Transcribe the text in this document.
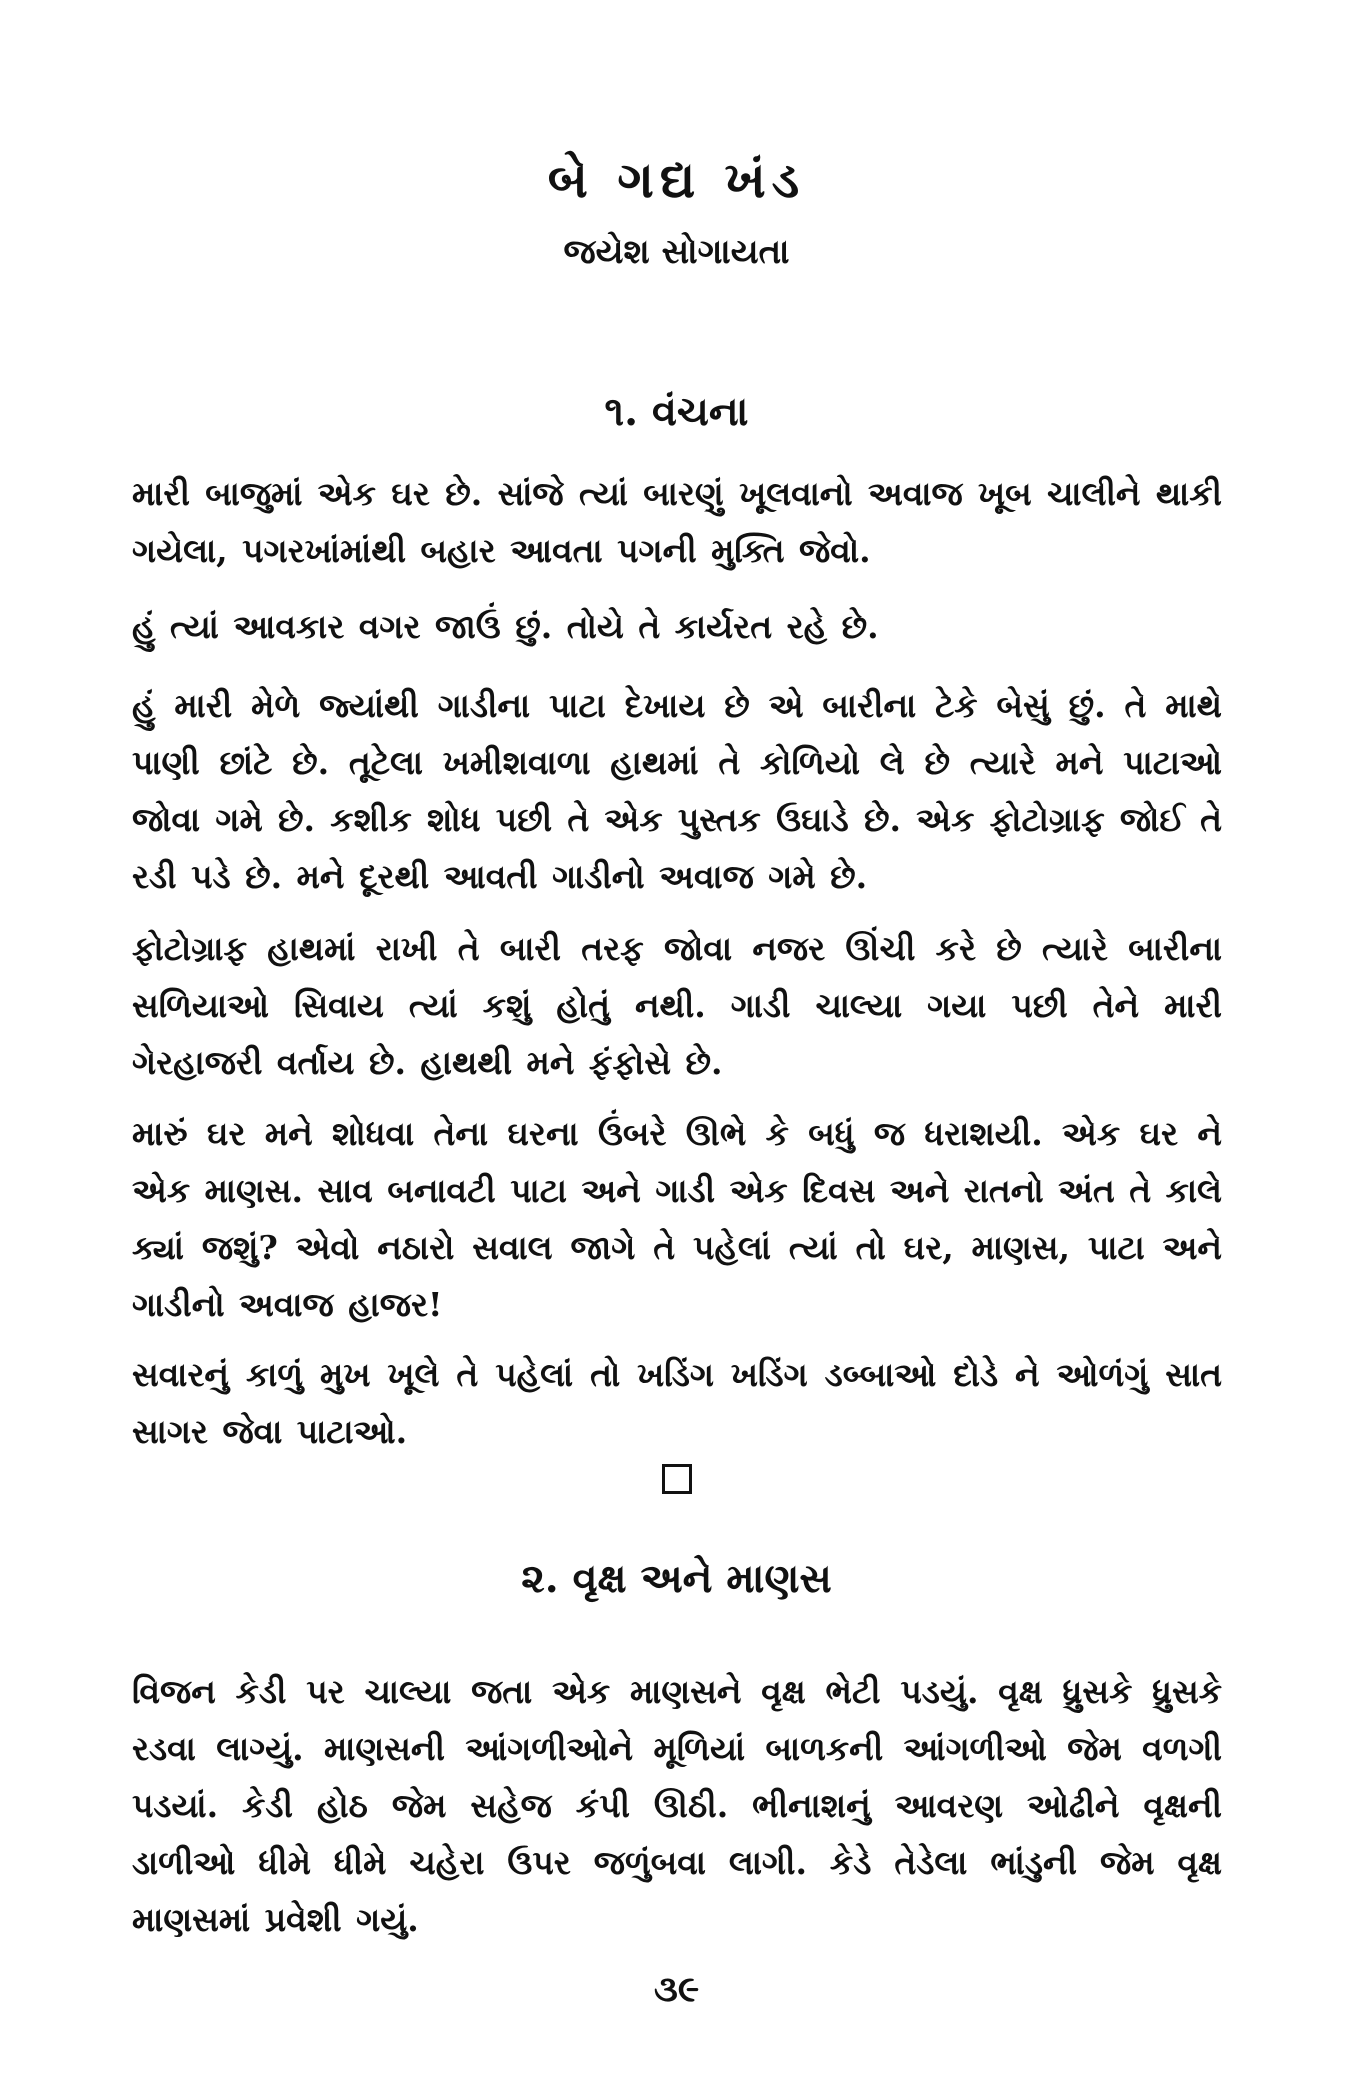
બે ગદ્ય ખંડ
જયેશ સોગાયતા
૧. વંચના
મારી બાજુમાં એક ઘર છે. સાંજે ત્યાં બારણું ખૂલવાનો અવાજ ખૂબ ચાલીને થાકી ગયેલા, પગરખાંમાંથી બહાર આવતા પગની મુક્તિ જેવો.
હું ત્યાં આવકાર વગર જાઉં છું. તોયે તે કાર્યરત રહે છે.
હું મારી મેળે જ્યાંથી ગાડીના પાટા દેખાય છે એ બારીના ટેકે બેસું છું. તે માથે પાણી છાંટે છે. તૂટેલા ખમીશવાળા હાથમાં તે કોળિયો લે છે ત્યારે મને પાટાઓ જોવા ગમે છે. કશીક શોધ પછી તે એક પુસ્તક ઉઘાડે છે. એક ફોટોગ્રાફ જોઈ તે રડી પડે છે. મને દૂરથી આવતી ગાડીનો અવાજ ગમે છે.
ફોટોગ્રાફ હાથમાં રાખી તે બારી તરફ જોવા નજર ઊંચી કરે છે ત્યારે બારીના સળિયાઓ સિવાય ત્યાં કશું હોતું નથી. ગાડી ચાલ્યા ગયા પછી તેને મારી ગેરહાજરી વર્તાય છે. હાથથી મને ફંફોસે છે.
મારું ઘર મને શોધવા તેના ઘરના ઉંબરે ઊભે કે બધું જ ધરાશયી. એક ઘર ને એક માણસ. સાવ બનાવટી પાટા અને ગાડી એક દિવસ અને રાતનો અંત તે કાલે ક્યાં જશું? એવો નઠારો સવાલ જાગે તે પહેલાં ત્યાં તો ઘર, માણસ, પાટા અને ગાડીનો અવાજ હાજર!
સવારનું કાળું મુખ ખૂલે તે પહેલાં તો ખડિંગ ખડિંગ ડબ્બાઓ દોડે ને ઓળંગું સાત સાગર જેવા પાટાઓ.
૨. વૃક્ષ અને માણસ
વિજન કેડી પર ચાલ્યા જતા એક માણસને વૃક્ષ ભેટી પડયું. વૃક્ષ ધ્રુસકે ધ્રુસકે રડવા લાગ્યું. માણસની આંગળીઓને મૂળિયાં બાળકની આંગળીઓ જેમ વળગી પડયાં. કેડી હોઠ જેમ સહેજ કંપી ઊઠી. ભીનાશનું આવરણ ઓઢીને વૃક્ષની ડાળીઓ ધીમે ધીમે ચહેરા ઉપર જળુંબવા લાગી. કેડે તેડેલા ભાંડુની જેમ વૃક્ષ માણસમાં પ્રવેશી ગયું.
૩૯
